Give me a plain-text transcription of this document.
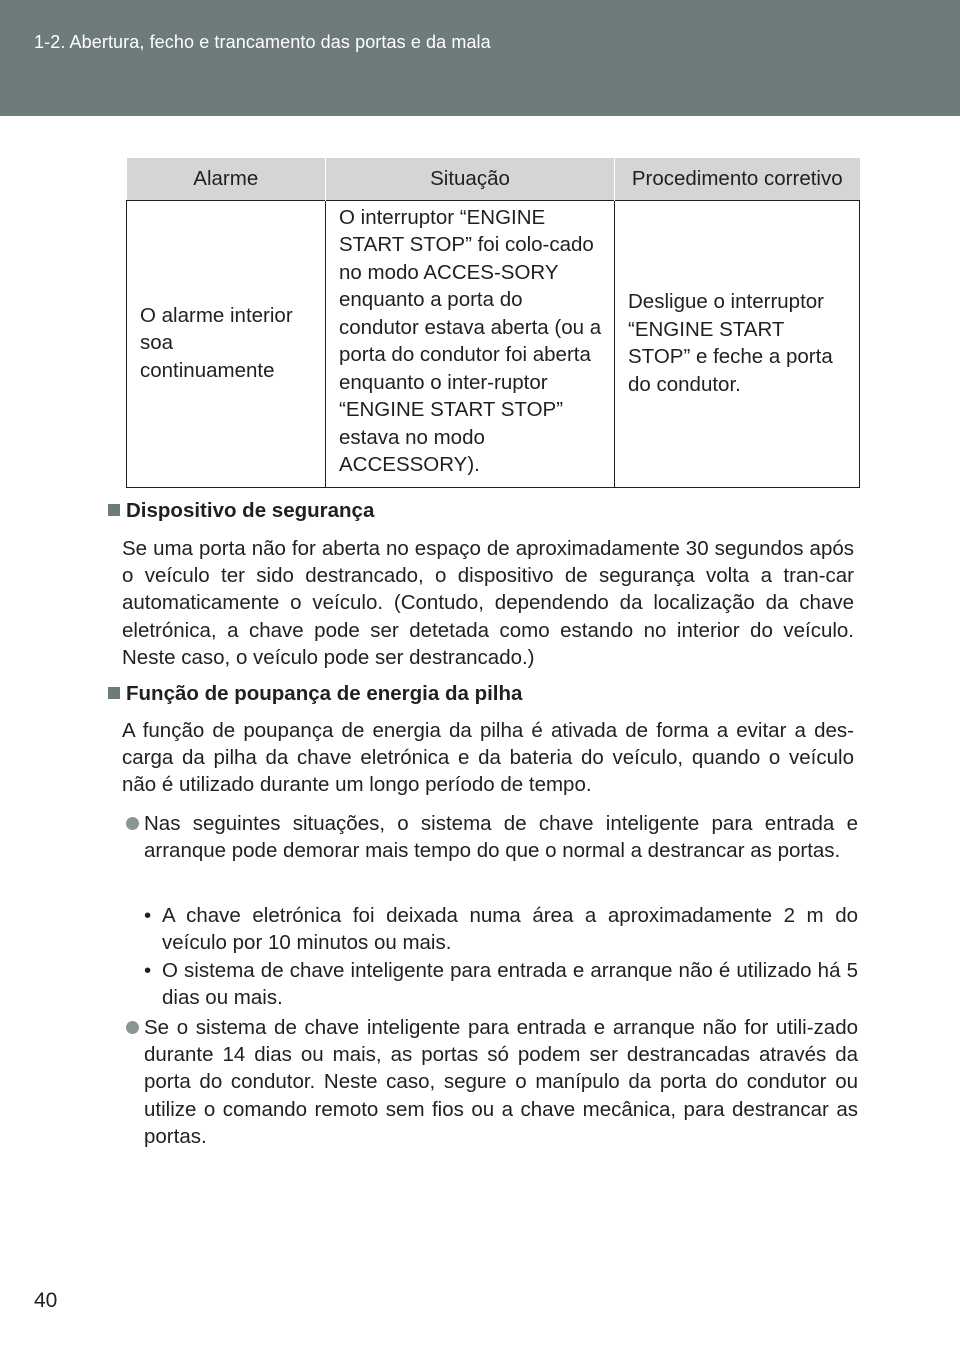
1-2. Abertura, fecho e trancamento das portas e da mala
Alarme	Situação	Procedimento corretivo
O alarme interior soa continuamente	O interruptor “ENGINE START STOP” foi colo-cado no modo ACCES-SORY enquanto a porta do condutor estava aberta (ou a porta do condutor foi aberta enquanto o inter-ruptor “ENGINE START STOP” estava no modo ACCESSORY).	Desligue o interruptor “ENGINE START STOP” e feche a porta do condutor.
Dispositivo de segurança
Se uma porta não for aberta no espaço de aproximadamente 30 segundos após o veículo ter sido destrancado, o dispositivo de segurança volta a tran-car automaticamente o veículo. (Contudo, dependendo da localização da chave eletrónica, a chave pode ser detetada como estando no interior do veículo. Neste caso, o veículo pode ser destrancado.)
Função de poupança de energia da pilha
A função de poupança de energia da pilha é ativada de forma a evitar a des-carga da pilha da chave eletrónica e da bateria do veículo, quando o veículo não é utilizado durante um longo período de tempo.
Nas seguintes situações, o sistema de chave inteligente para entrada e arranque pode demorar mais tempo do que o normal a destrancar as portas.
• A chave eletrónica foi deixada numa área a aproximadamente 2 m do veículo por 10 minutos ou mais.
• O sistema de chave inteligente para entrada e arranque não é utilizado há 5 dias ou mais.
Se o sistema de chave inteligente para entrada e arranque não for utili-zado durante 14 dias ou mais, as portas só podem ser destrancadas através da porta do condutor. Neste caso, segure o manípulo da porta do condutor ou utilize o comando remoto sem fios ou a chave mecânica, para destrancar as portas.
40
